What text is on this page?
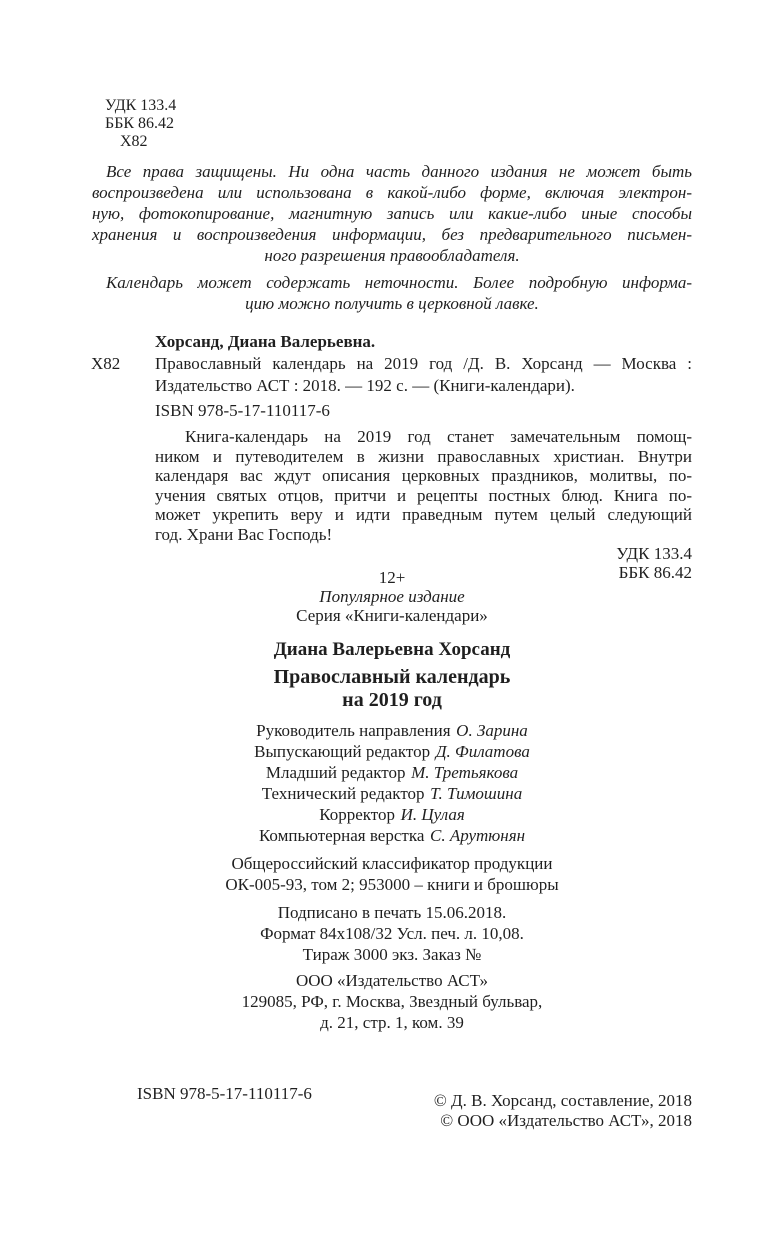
УДК 133.4
ББК 86.42
Х82
Все права защищены. Ни одна часть данного издания не может быть
воспроизведена или использована в какой-либо форме, включая электрон-
ную, фотокопирование, магнитную запись или какие-либо иные способы
хранения и воспроизведения информации, без предварительного письмен-
ного разрешения правообладателя.
Календарь может содержать неточности. Более подробную информа-
цию можно получить в церковной лавке.
Хорсанд, Диана Валерьевна.
Х82 Православный календарь на 2019 год /Д. В. Хорсанд — Москва :
Издательство АСТ : 2018. — 192 с. — (Книги-календари).
ISBN 978-5-17-110117-6
Книга-календарь на 2019 год станет замечательным помощ-
ником и путеводителем в жизни православных христиан. Внутри
календаря вас ждут описания церковных праздников, молитвы, по-
учения святых отцов, притчи и рецепты постных блюд. Книга по-
может укрепить веру и идти праведным путем целый следующий
год. Храни Вас Господь!
УДК 133.4
ББК 86.42
12+
Популярное издание
Серия «Книги-календари»
Диана Валерьевна Хорсанд
Православный календарь
на 2019 год
Руководитель направления О. Зарина
Выпускающий редактор Д. Филатова
Младший редактор М. Третьякова
Технический редактор Т. Тимошина
Корректор И. Цулая
Компьютерная верстка С. Арутюнян
Общероссийский классификатор продукции
ОК-005-93, том 2; 953000 – книги и брошюры
Подписано в печать 15.06.2018.
Формат 84х108/32 Усл. печ. л. 10,08.
Тираж 3000 экз. Заказ №
ООО «Издательство АСТ»
129085, РФ, г. Москва, Звездный бульвар,
д. 21, стр. 1, ком. 39
ISBN 978-5-17-110117-6	© Д. В. Хорсанд, составление, 2018
© ООО «Издательство АСТ», 2018
